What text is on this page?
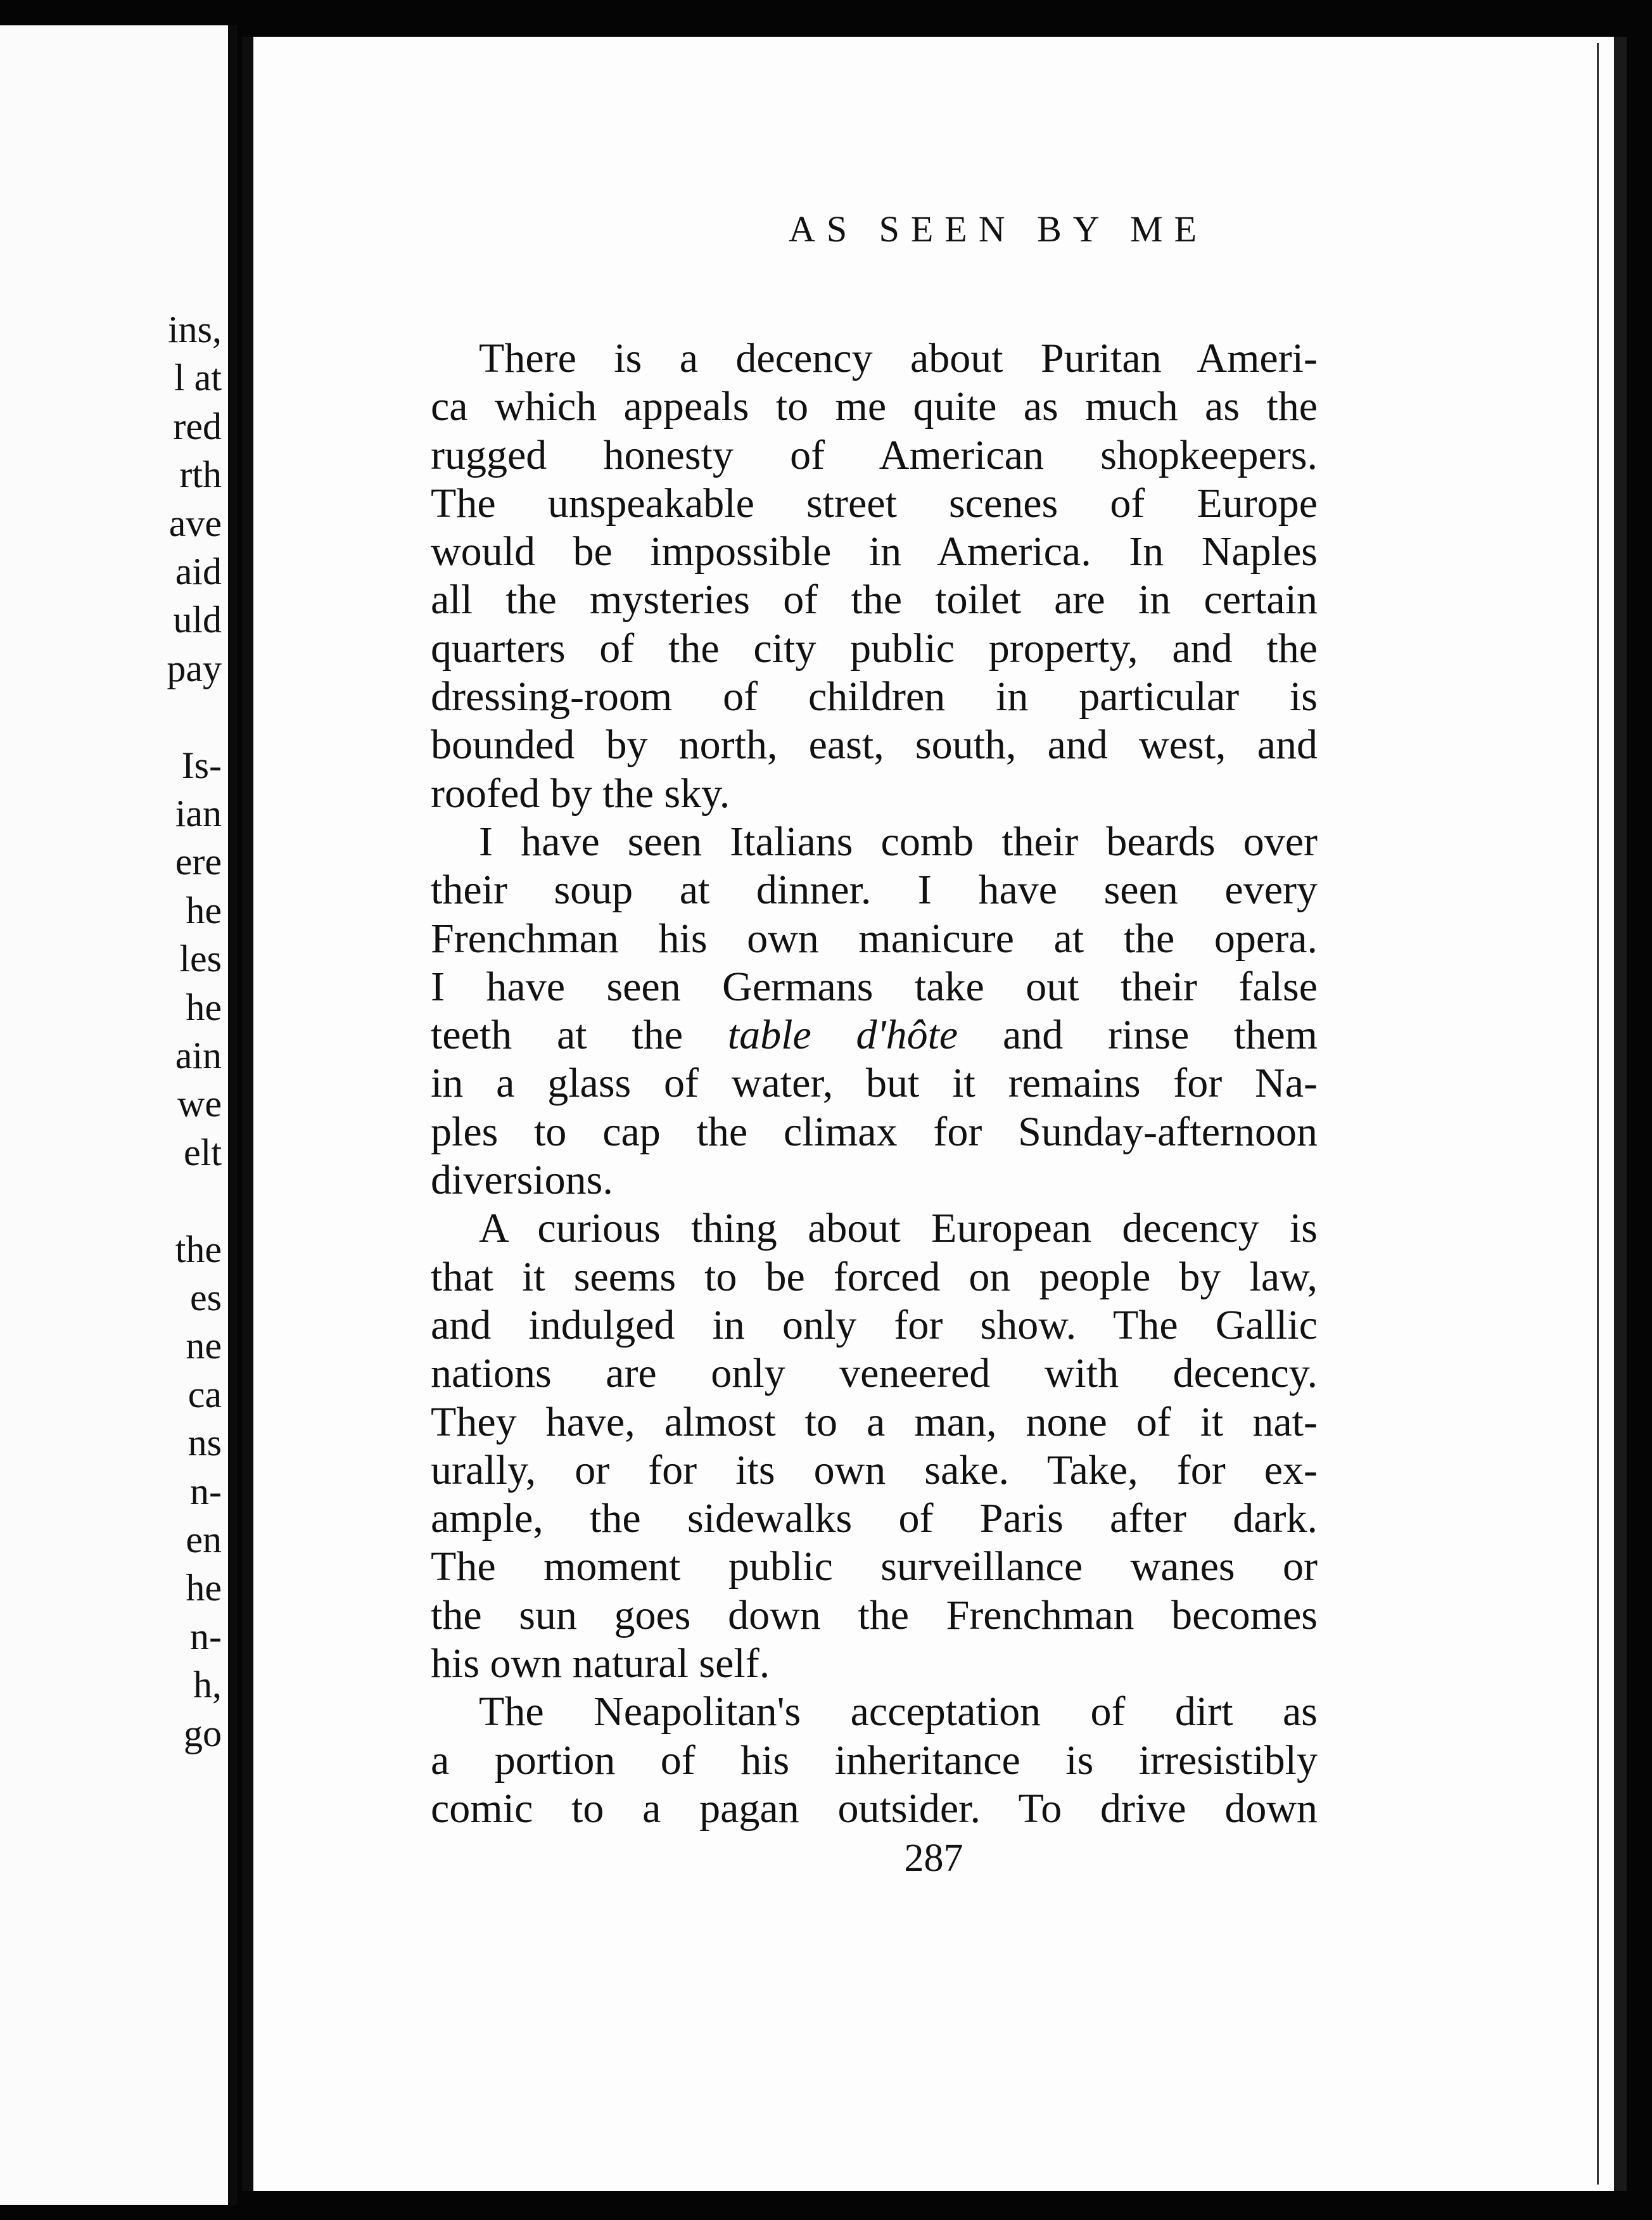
ins,
l at
red
rth
ave
aid
uld
pay
Is-
ian
ere
he
les
he
ain
we
elt
the
es
ne
ca
ns
n-
en
he
n-
h,
go
AS SEEN BY ME
There is a decency about Puritan Ameri-
ca which appeals to me quite as much as the
rugged honesty of American shopkeepers.
The unspeakable street scenes of Europe
would be impossible in America. In Naples
all the mysteries of the toilet are in certain
quarters of the city public property, and the
dressing-room of children in particular is
bounded by north, east, south, and west, and
roofed by the sky.
I have seen Italians comb their beards over
their soup at dinner. I have seen every
Frenchman his own manicure at the opera.
I have seen Germans take out their false
teeth at the table d'hôte and rinse them
in a glass of water, but it remains for Na-
ples to cap the climax for Sunday-afternoon
diversions.
A curious thing about European decency is
that it seems to be forced on people by law,
and indulged in only for show. The Gallic
nations are only veneered with decency.
They have, almost to a man, none of it nat-
urally, or for its own sake. Take, for ex-
ample, the sidewalks of Paris after dark.
The moment public surveillance wanes or
the sun goes down the Frenchman becomes
his own natural self.
The Neapolitan's acceptation of dirt as
a portion of his inheritance is irresistibly
comic to a pagan outsider. To drive down
287
